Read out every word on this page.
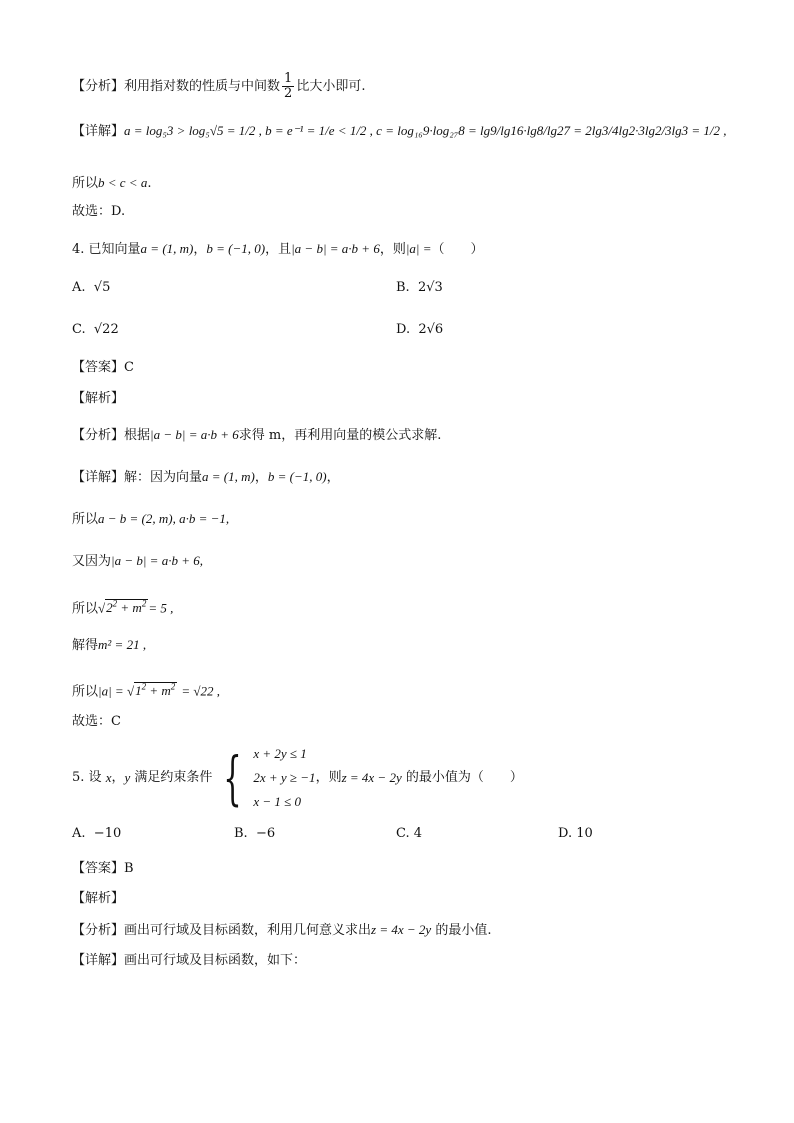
【分析】利用指对数的性质与中间数 $\frac{1}{2}$ 比大小即可.
【详解】a = log₅3 > log₅√5 = 1/2 , b = e⁻¹ = 1/e < 1/2 , c = log₁₆9·log₂₇8 = lg9/lg16·lg8/lg27 = 2lg3/4lg2·3lg2/3lg3 = 1/2 ,
所以b < c < a.
故选：D.
4. 已知向量a = (1, m)，b = (−1, 0)，且|a − b| = a·b + 6，则|a| =（　　）
A. √5	B. 2√3
C. √22	D. 2√6
【答案】C
【解析】
【分析】根据|a − b| = a·b + 6求得 m，再利用向量的模公式求解.
【详解】解：因为向量a = (1, m)，b = (−1, 0)，
所以a − b = (2, m), a·b = −1,
又因为|a − b| = a·b + 6,
所以$√2^2 + m^2 = 5$ ,
解得m² = 21 ,
所以$|a| = √1^2 + m^2 = √22$ ,
故选：C
5. 设
x ， y
满足约束条件 { x + 2y ≤ 1
2x + y ≥ −1
x − 1 ≤ 0
，则 z = 4x − 2y
的最小值为（　　）
A. −10	B. −6	C. 4	D. 10
【答案】B
【解析】
【分析】画出可行域及目标函数，利用几何意义求出z = 4x − 2y 的最小值.
【详解】画出可行域及目标函数，如下：
